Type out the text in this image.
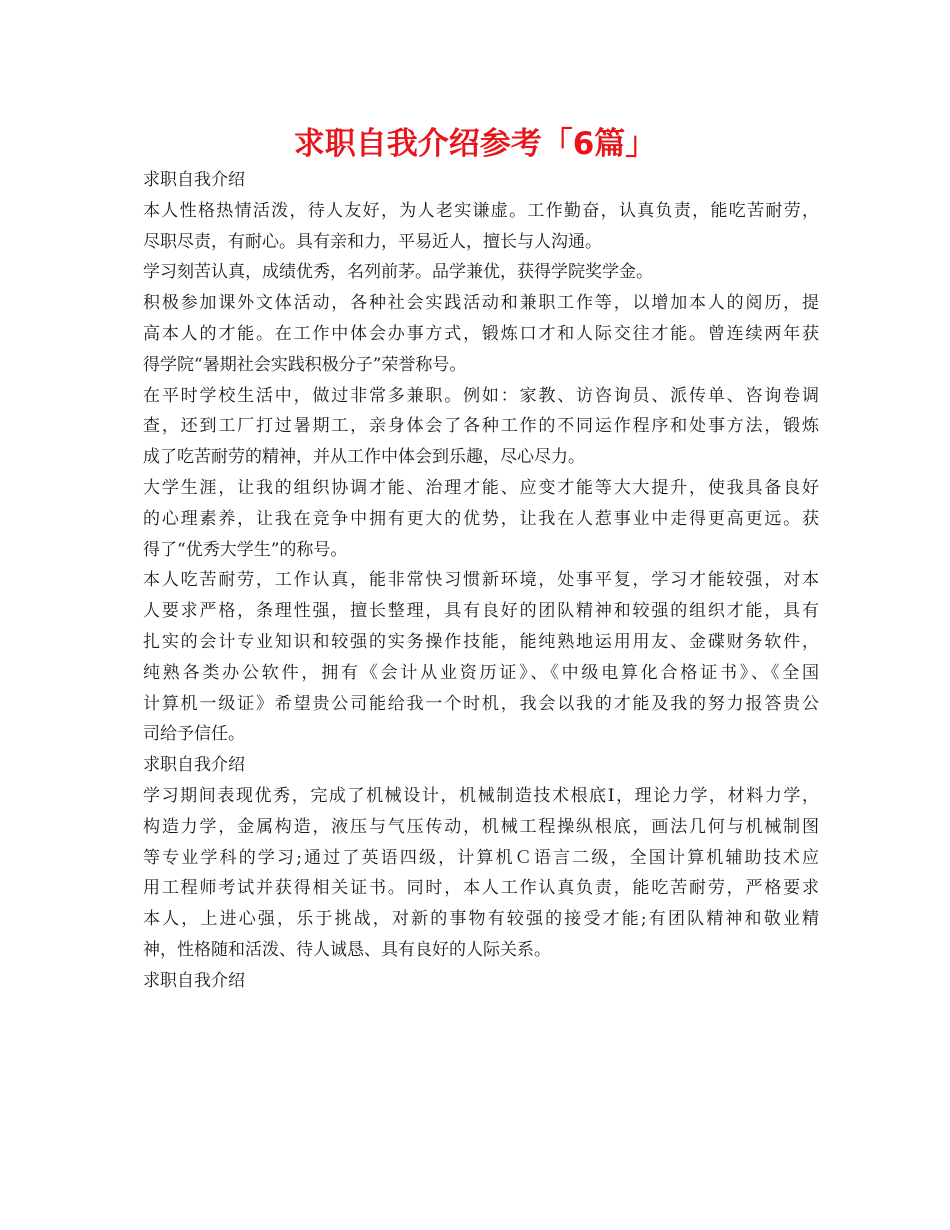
求职自我介绍参考「6篇」
求职自我介绍
本人性格热情活泼，待人友好，为人老实谦虚。工作勤奋，认真负责，能吃苦耐劳，
尽职尽责，有耐心。具有亲和力，平易近人，擅长与人沟通。
学习刻苦认真，成绩优秀，名列前茅。品学兼优，获得学院奖学金。
积极参加课外文体活动，各种社会实践活动和兼职工作等，以增加本人的阅历，提
高本人的才能。在工作中体会办事方式，锻炼口才和人际交往才能。曾连续两年获
得学院“暑期社会实践积极分子”荣誉称号。
在平时学校生活中，做过非常多兼职。例如：家教、访咨询员、派传单、咨询卷调
查，还到工厂打过暑期工，亲身体会了各种工作的不同运作程序和处事方法，锻炼
成了吃苦耐劳的精神，并从工作中体会到乐趣，尽心尽力。
大学生涯，让我的组织协调才能、治理才能、应变才能等大大提升，使我具备良好
的心理素养，让我在竞争中拥有更大的优势，让我在人惹事业中走得更高更远。获
得了“优秀大学生”的称号。
本人吃苦耐劳，工作认真，能非常快习惯新环境，处事平复，学习才能较强，对本
人要求严格，条理性强，擅长整理，具有良好的团队精神和较强的组织才能，具有
扎实的会计专业知识和较强的实务操作技能，能纯熟地运用用友、金碟财务软件，
纯熟各类办公软件，拥有《会计从业资历证》、《中级电算化合格证书》、《全国
计算机一级证》希望贵公司能给我一个时机，我会以我的才能及我的努力报答贵公
司给予信任。
求职自我介绍
学习期间表现优秀，完成了机械设计，机械制造技术根底Ⅰ，理论力学，材料力学，
构造力学，金属构造，液压与气压传动，机械工程操纵根底，画法几何与机械制图
等专业学科的学习;通过了英语四级，计算机Ｃ语言二级，全国计算机辅助技术应
用工程师考试并获得相关证书。同时，本人工作认真负责，能吃苦耐劳，严格要求
本人，上进心强，乐于挑战，对新的事物有较强的接受才能;有团队精神和敬业精
神，性格随和活泼、待人诚恳、具有良好的人际关系。
求职自我介绍
